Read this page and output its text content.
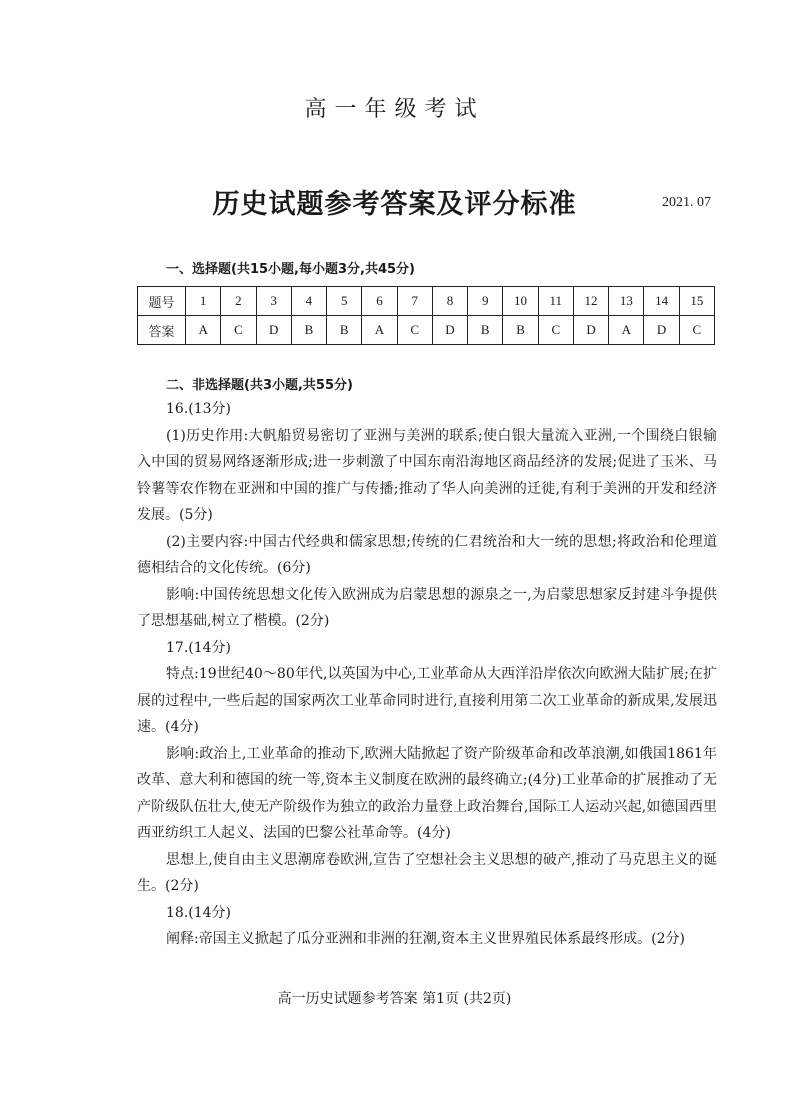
高一年级考试
历史试题参考答案及评分标准	2021. 07
一、选择题(共15小题,每小题3分,共45分)
题号	1	2	3	4	5	6	7	8	9	10	11	12	13	14	15
答案	A	C	D	B	B	A	C	D	B	B	C	D	A	D	C
二、非选择题(共3小题,共55分)

16.(13分)

(1)历史作用:大帆船贸易密切了亚洲与美洲的联系;使白银大量流入亚洲,一个围绕白银输入中国的贸易网络逐渐形成;进一步刺激了中国东南沿海地区商品经济的发展;促进了玉米、马铃薯等农作物在亚洲和中国的推广与传播;推动了华人向美洲的迁徙,有利于美洲的开发和经济发展。(5分)

(2)主要内容:中国古代经典和儒家思想;传统的仁君统治和大一统的思想;将政治和伦理道德相结合的文化传统。(6分)

影响:中国传统思想文化传入欧洲成为启蒙思想的源泉之一,为启蒙思想家反封建斗争提供了思想基础,树立了楷模。(2分)

17.(14分)

特点:19世纪40～80年代,以英国为中心,工业革命从大西洋沿岸依次向欧洲大陆扩展;在扩展的过程中,一些后起的国家两次工业革命同时进行,直接利用第二次工业革命的新成果,发展迅速。(4分)

影响:政治上,工业革命的推动下,欧洲大陆掀起了资产阶级革命和改革浪潮,如俄国1861年改革、意大利和德国的统一等,资本主义制度在欧洲的最终确立;(4分)工业革命的扩展推动了无产阶级队伍壮大,使无产阶级作为独立的政治力量登上政治舞台,国际工人运动兴起,如德国西里西亚纺织工人起义、法国的巴黎公社革命等。(4分)

思想上,使自由主义思潮席卷欧洲,宣告了空想社会主义思想的破产,推动了马克思主义的诞生。(2分)

18.(14分)

阐释:帝国主义掀起了瓜分亚洲和非洲的狂潮,资本主义世界殖民体系最终形成。(2分)

高一历史试题参考答案 第1页 (共2页)
